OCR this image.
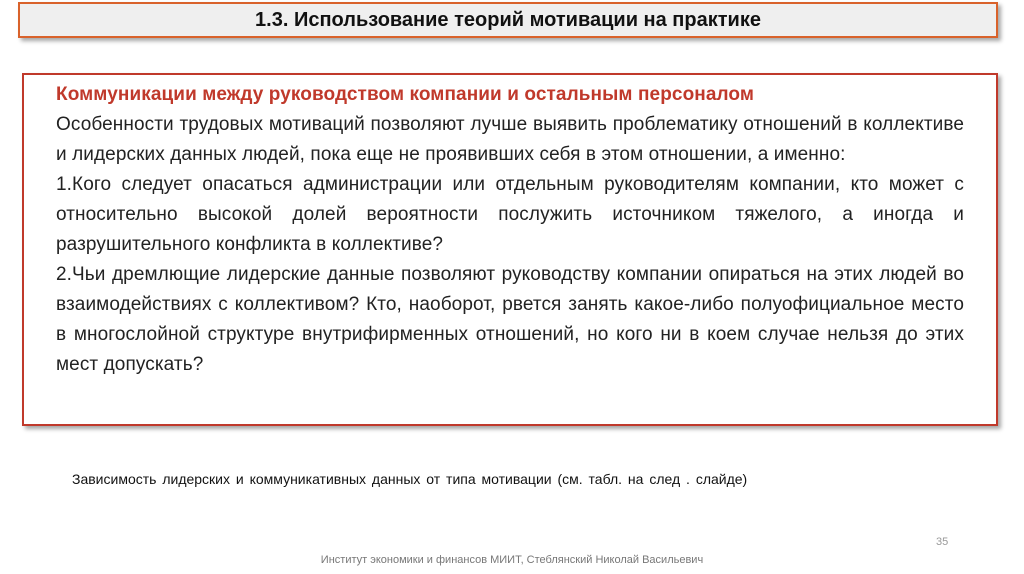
1.3. Использование теорий мотивации на практике

Коммуникации между руководством компании и остальным персоналом

Особенности трудовых мотиваций позволяют лучше выявить проблематику отношений в коллективе и лидерских данных людей, пока еще не проявивших себя в этом отношении, а именно:

1.Кого следует опасаться администрации или отдельным руководителям компании, кто может с относительно высокой долей вероятности послужить источником тяжелого, а иногда и разрушительного конфликта в коллективе?

2.Чьи дремлющие лидерские данные позволяют руководству компании опираться на этих людей во взаимодействиях с коллективом? Кто, наоборот, рвется занять какое-либо полуофициальное место в многослойной структуре внутрифирменных отношений, но кого ни в коем случае нельзя до этих мест допускать?

Зависимость лидерских и коммуникативных данных от типа мотивации (см. табл. на след . слайде)
35
Институт экономики и финансов МИИТ, Стеблянский Николай Васильевич
